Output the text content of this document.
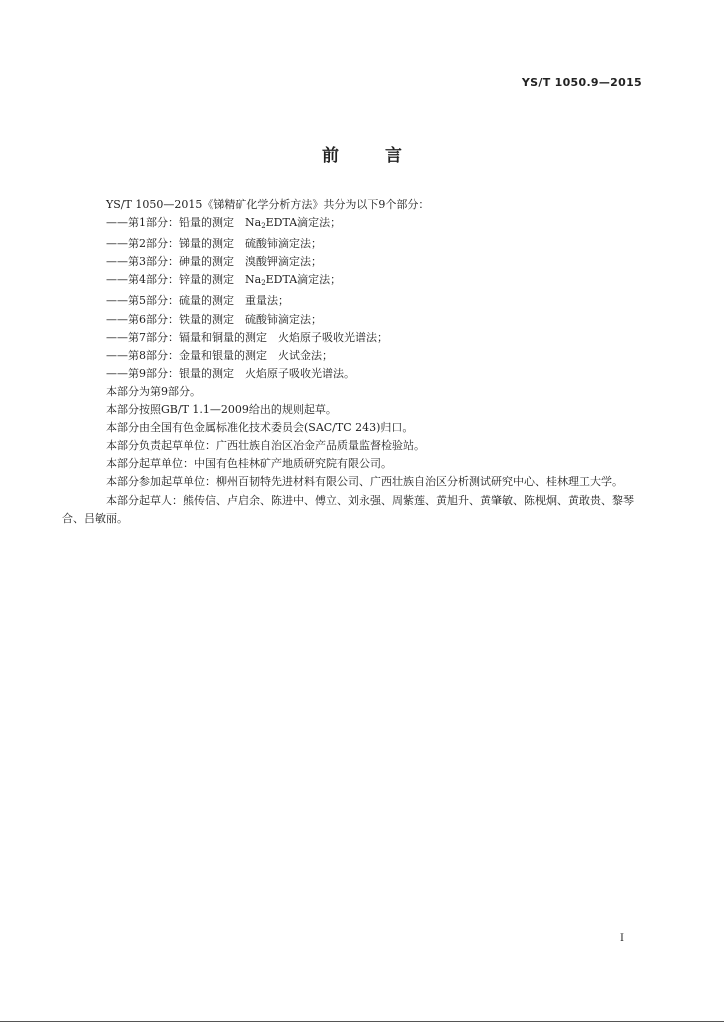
YS/T 1050.9—2015
前	言
YS/T 1050—2015《锑精矿化学分析方法》共分为以下9个部分：
——第1部分：铅量的测定　$Na_2EDTA$滴定法；
——第2部分：锑量的测定　硫酸铈滴定法；
——第3部分：砷量的测定　溴酸钾滴定法；
——第4部分：锌量的测定　$Na_2EDTA$滴定法；
——第5部分：硫量的测定　重量法；
——第6部分：铁量的测定　硫酸铈滴定法；
——第7部分：镉量和铜量的测定　火焰原子吸收光谱法；
——第8部分：金量和银量的测定　火试金法；
——第9部分：银量的测定　火焰原子吸收光谱法。
本部分为第9部分。
本部分按照GB/T 1.1—2009给出的规则起草。
本部分由全国有色金属标准化技术委员会(SAC/TC 243)归口。
本部分负责起草单位：广西壮族自治区冶金产品质量监督检验站。
本部分起草单位：中国有色桂林矿产地质研究院有限公司。
本部分参加起草单位：柳州百韧特先进材料有限公司、广西壮族自治区分析测试研究中心、桂林理工大学。
本部分起草人：熊传信、卢启余、陈进中、傅立、刘永强、周紫莲、黄旭升、黄肇敏、陈枧炯、黄敢贵、黎琴合、吕敏丽。
I
